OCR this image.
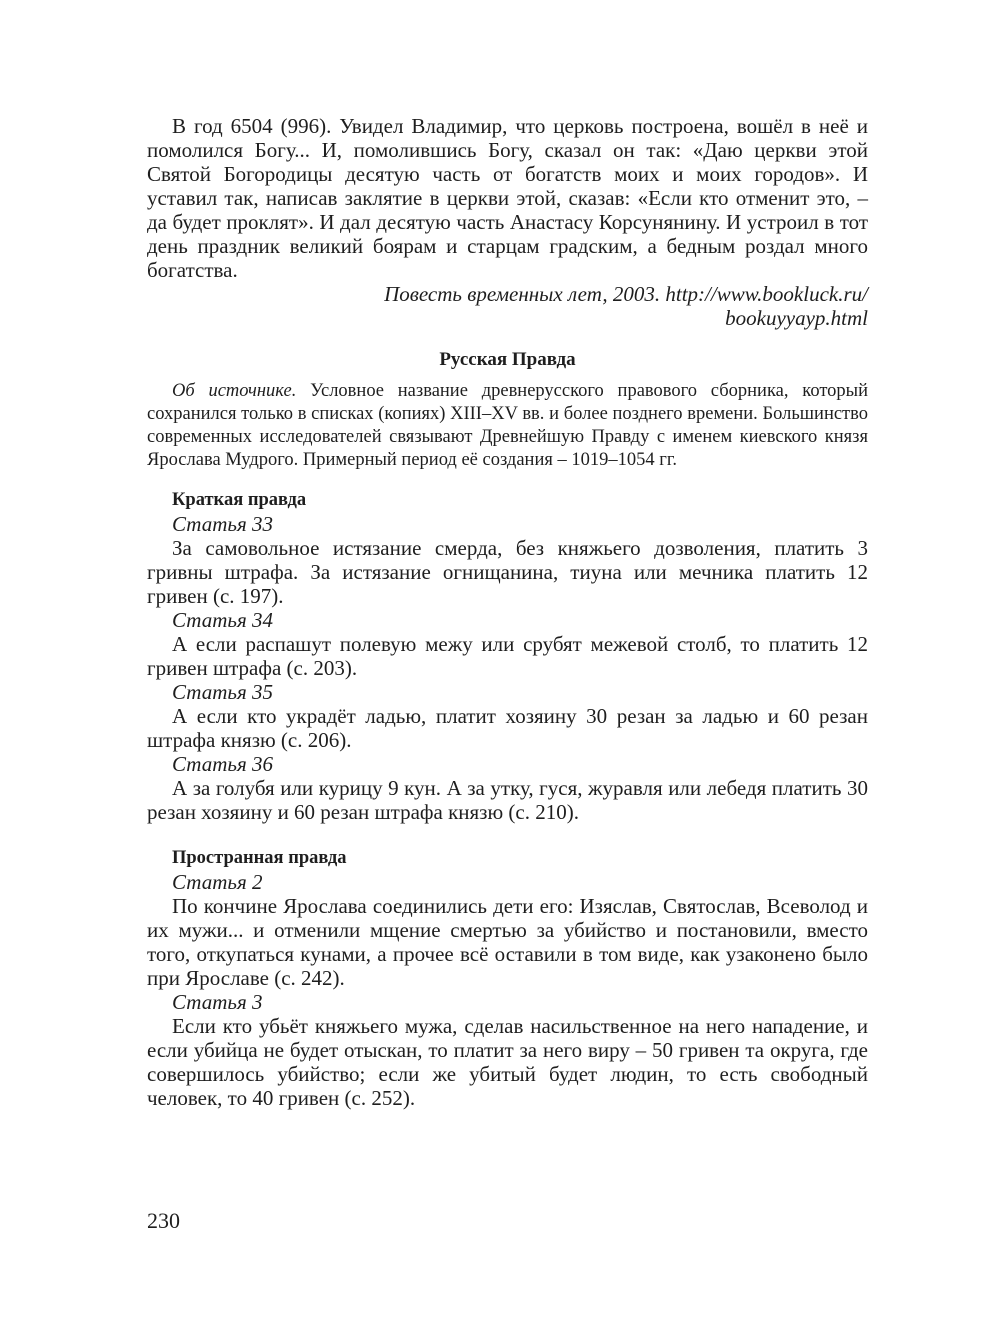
В год 6504 (996). Увидел Владимир, что церковь построена, вошёл в неё и помолился Богу... И, помолившись Богу, сказал он так: «Даю церкви этой Святой Богородицы десятую часть от богатств моих и моих городов». И уставил так, написав заклятие в церкви этой, сказав: «Если кто отменит это, – да будет проклят». И дал десятую часть Анастасу Корсунянину. И устроил в тот день праздник великий боярам и старцам градским, а бедным роздал много богатства.

Повесть временных лет, 2003. http://www.bookluck.ru/

bookuyyayp.html

Русская Правда

Об источнике. Условное название древнерусского правового сборника, который сохранился только в списках (копиях) XIII–XV вв. и более позднего времени. Большинство современных исследователей связывают Древнейшую Правду с именем киевского князя Ярослава Мудрого. Примерный период её создания – 1019–1054 гг.

Краткая правда

Статья 33

За самовольное истязание смерда, без княжьего дозволения, платить 3 гривны штрафа. За истязание огнищанина, тиуна или мечника платить 12 гривен (с. 197).

Статья 34

А если распашут полевую межу или срубят межевой столб, то платить 12 гривен штрафа (с. 203).

Статья 35

А если кто украдёт ладью, платит хозяину 30 резан за ладью и 60 резан штрафа князю (с. 206).

Статья 36

А за голубя или курицу 9 кун. А за утку, гуся, журавля или лебедя платить 30 резан хозяину и 60 резан штрафа князю (с. 210).

Пространная правда

Статья 2

По кончине Ярослава соединились дети его: Изяслав, Святослав, Всеволод и их мужи... и отменили мщение смертью за убийство и постановили, вместо того, откупаться кунами, а прочее всё оставили в том виде, как узаконено было при Ярославе (с. 242).

Статья 3

Если кто убьёт княжьего мужа, сделав насильственное на него нападение, и если убийца не будет отыскан, то платит за него виру – 50 гривен та округа, где совершилось убийство; если же убитый будет людин, то есть свободный человек, то 40 гривен (с. 252).

230
